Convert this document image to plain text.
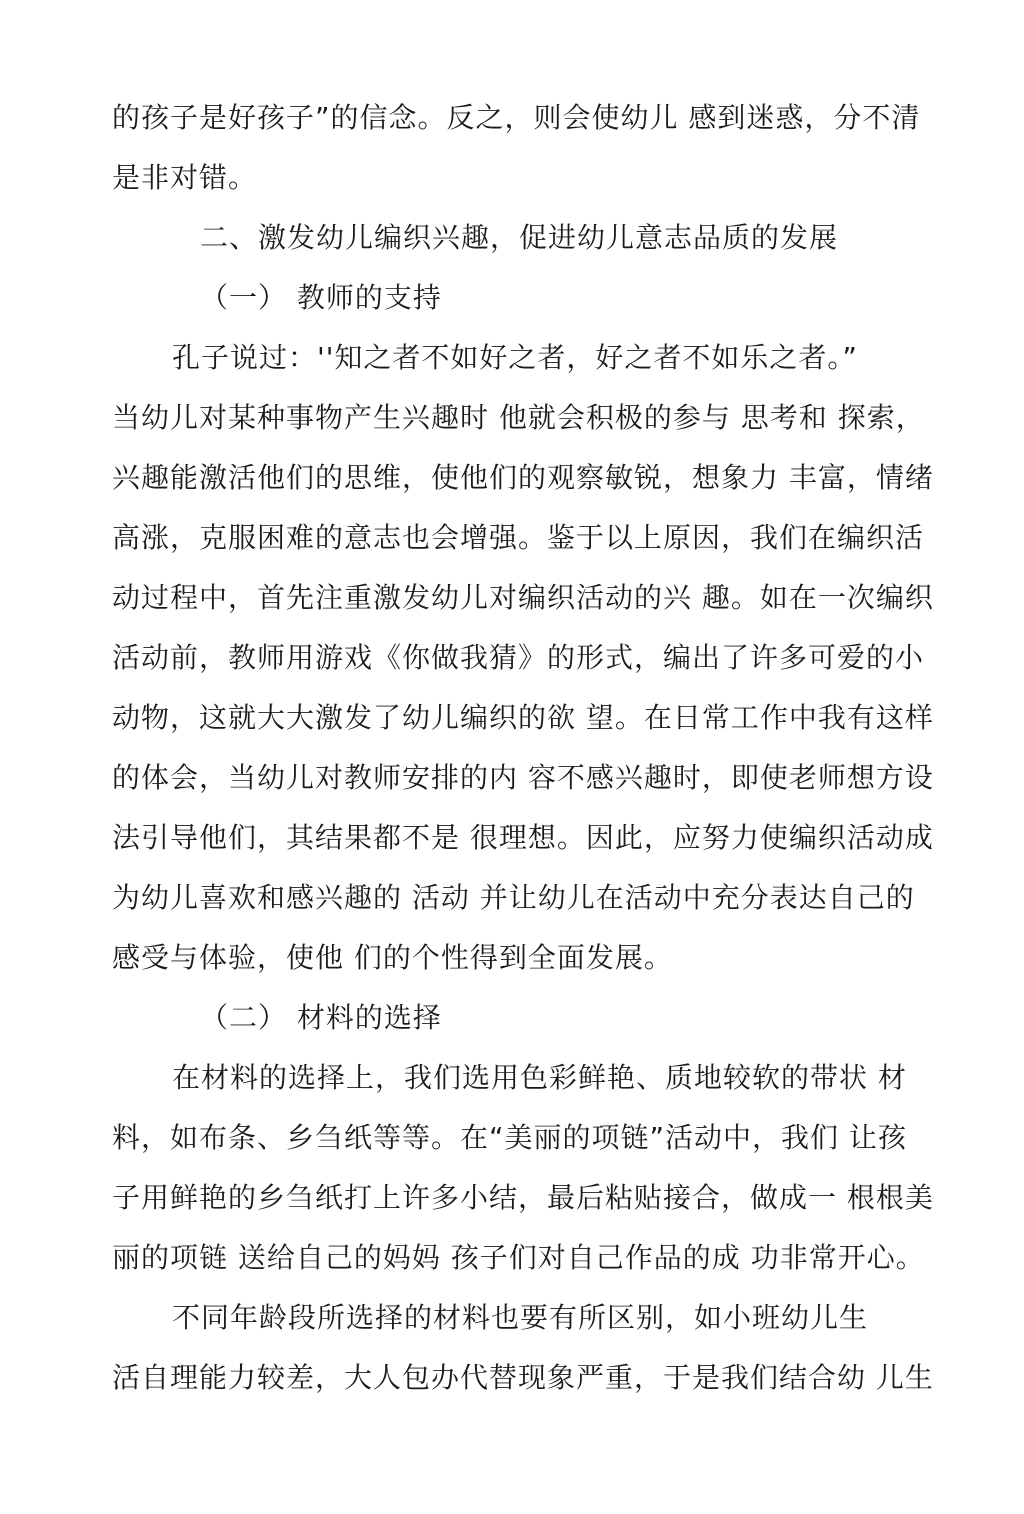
的孩子是好孩子”的信念。反之，则会使幼儿 感到迷惑，分不清
是非对错。
二、激发幼儿编织兴趣，促进幼儿意志品质的发展
（一） 教师的支持
孔子说过：''知之者不如好之者，好之者不如乐之者。”
当幼儿对某种事物产生兴趣时 他就会积极的参与 思考和 探索，
兴趣能激活他们的思维，使他们的观察敏锐，想象力 丰富，情绪
高涨，克服困难的意志也会增强。鉴于以上原因，我们在编织活
动过程中，首先注重激发幼儿对编织活动的兴 趣。如在一次编织
活动前，教师用游戏《你做我猜》的形式，编出了许多可爱的小
动物，这就大大激发了幼儿编织的欲 望。在日常工作中我有这样
的体会，当幼儿对教师安排的内 容不感兴趣时，即使老师想方设
法引导他们，其结果都不是 很理想。因此，应努力使编织活动成
为幼儿喜欢和感兴趣的 活动 并让幼儿在活动中充分表达自己的
感受与体验，使他 们的个性得到全面发展。
（二） 材料的选择
在材料的选择上，我们选用色彩鲜艳、质地较软的带状 材
料，如布条、乡刍纸等等。在“美丽的项链”活动中，我们 让孩
子用鲜艳的乡刍纸打上许多小结，最后粘贴接合，做成一 根根美
丽的项链 送给自己的妈妈 孩子们对自己作品的成 功非常开心。
不同年龄段所选择的材料也要有所区别，如小班幼儿生
活自理能力较差，大人包办代替现象严重，于是我们结合幼 儿生
